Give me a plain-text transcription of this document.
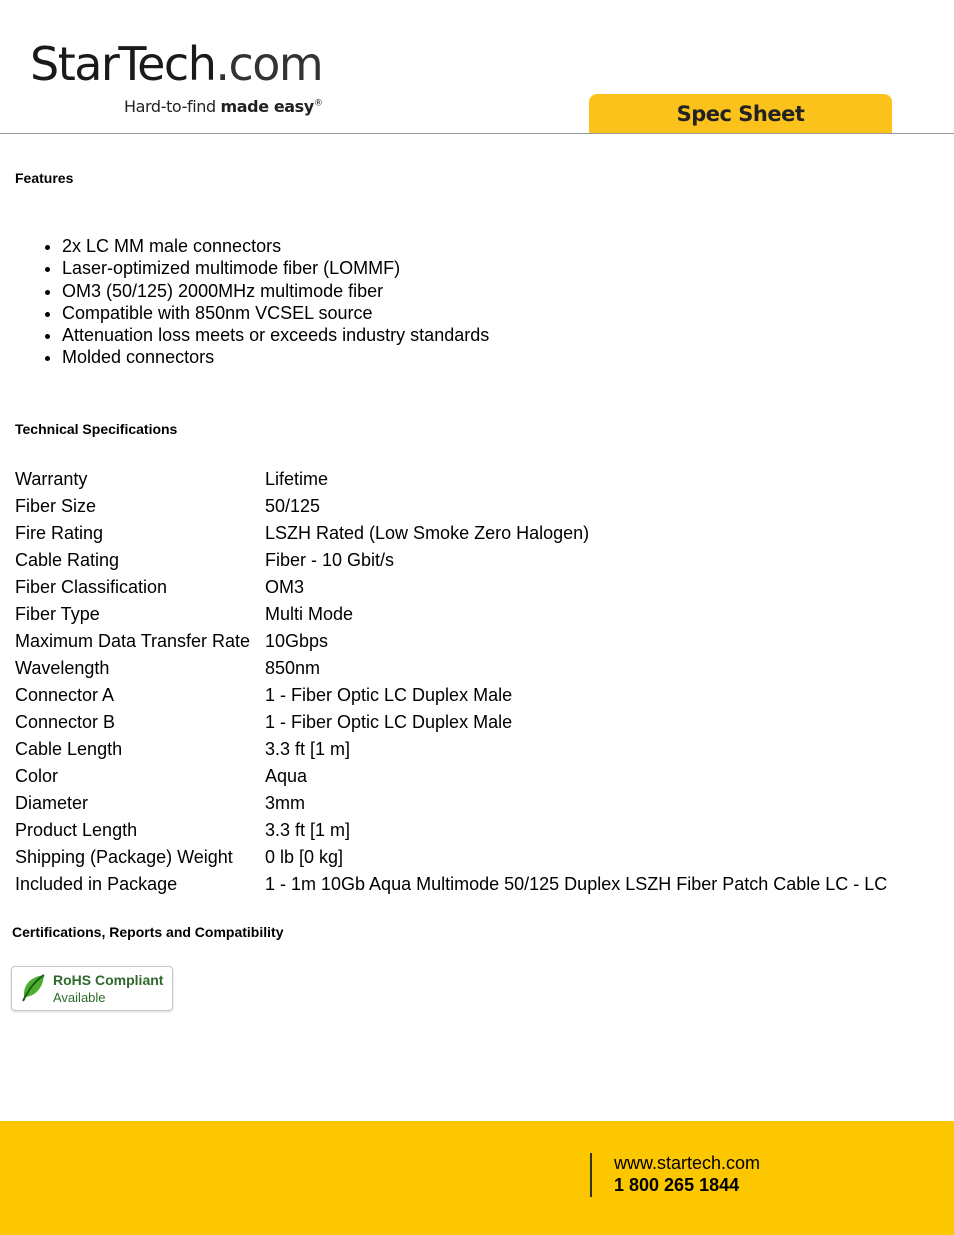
StarTech.com
Hard-to-find made easy®	Spec Sheet
Features
• 2x LC MM male connectors
• Laser-optimized multimode fiber (LOMMF)
• OM3 (50/125) 2000MHz multimode fiber
• Compatible with 850nm VCSEL source
• Attenuation loss meets or exceeds industry standards
• Molded connectors
Technical Specifications
Warranty	Lifetime
Fiber Size	50/125
Fire Rating	LSZH Rated (Low Smoke Zero Halogen)
Cable Rating	Fiber - 10 Gbit/s
Fiber Classification	OM3
Fiber Type	Multi Mode
Maximum Data Transfer Rate 10Gbps
Wavelength	850nm
Connector A	1 - Fiber Optic LC Duplex Male
Connector B	1 - Fiber Optic LC Duplex Male
Cable Length	3.3 ft [1 m]
Color	Aqua
Diameter	3mm
Product Length	3.3 ft [1 m]
Shipping (Package) Weight	0 lb [0 kg]
Included in Package	1 - 1m 10Gb Aqua Multimode 50/125 Duplex LSZH Fiber Patch Cable LC - LC
Certifications, Reports and Compatibility
RoHS Compliant
Available
www.startech.com
1 800 265 1844
